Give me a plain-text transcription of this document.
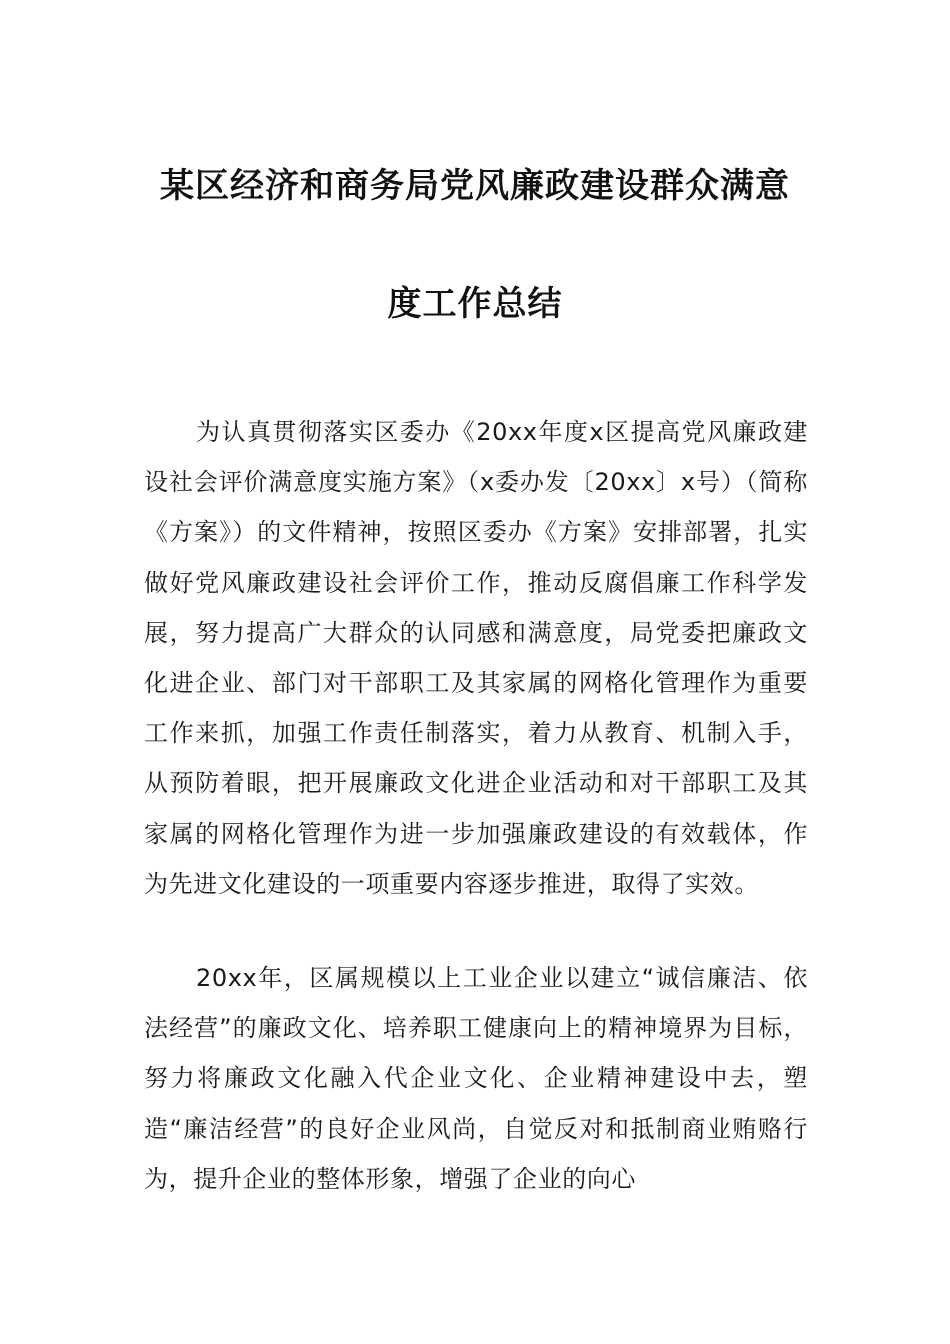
某区经济和商务局党风廉政建设群众满意
度工作总结

为认真贯彻落实区委办《20xx年度x区提高党风廉政建设社会评价满意度实施方案》（x委办发〔20xx〕x号）（简称《方案》）的文件精神，按照区委办《方案》安排部署，扎实做好党风廉政建设社会评价工作，推动反腐倡廉工作科学发展，努力提高广大群众的认同感和满意度，局党委把廉政文化进企业、部门对干部职工及其家属的网格化管理作为重要工作来抓，加强工作责任制落实，着力从教育、机制入手，从预防着眼，把开展廉政文化进企业活动和对干部职工及其家属的网格化管理作为进一步加强廉政建设的有效载体，作为先进文化建设的一项重要内容逐步推进，取得了实效。

20xx年，区属规模以上工业企业以建立“诚信廉洁、依法经营”的廉政文化、培养职工健康向上的精神境界为目标，努力将廉政文化融入代企业文化、企业精神建设中去，塑造“廉洁经营”的良好企业风尚，自觉反对和抵制商业贿赂行为，提升企业的整体形象，增强了企业的向心
